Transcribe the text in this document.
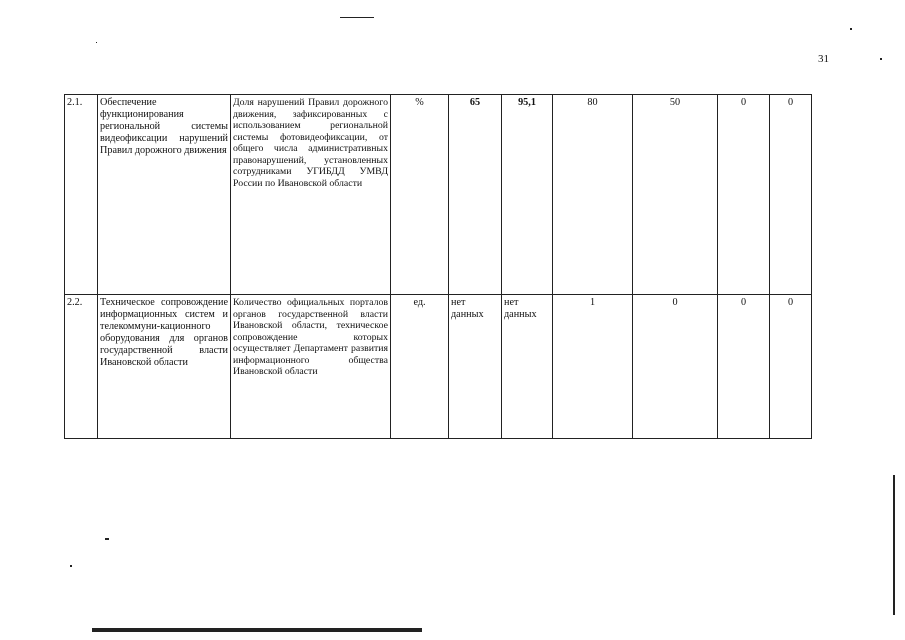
31
2.1.	Обеспечение функционирования региональной системы видеофиксации нарушений Правил дорожного движения	Доля нарушений Правил дорожного движения, зафиксированных с использованием региональной системы фотовидеофиксации, от общего числа административных правонарушений, установленных сотрудниками УГИБДД УМВД России по Ивановской области	%	65	95,1	80	50	0	0
2.2.	Техническое сопровождение информационных систем и телекоммуни-кационного оборудования для органов государственной власти Ивановской области	Количество официальных порталов органов государственной власти Ивановской области, техническое сопровождение которых осуществляет Департамент развития информационного общества Ивановской области	ед.	нет данных	нет данных	1	0	0	0
